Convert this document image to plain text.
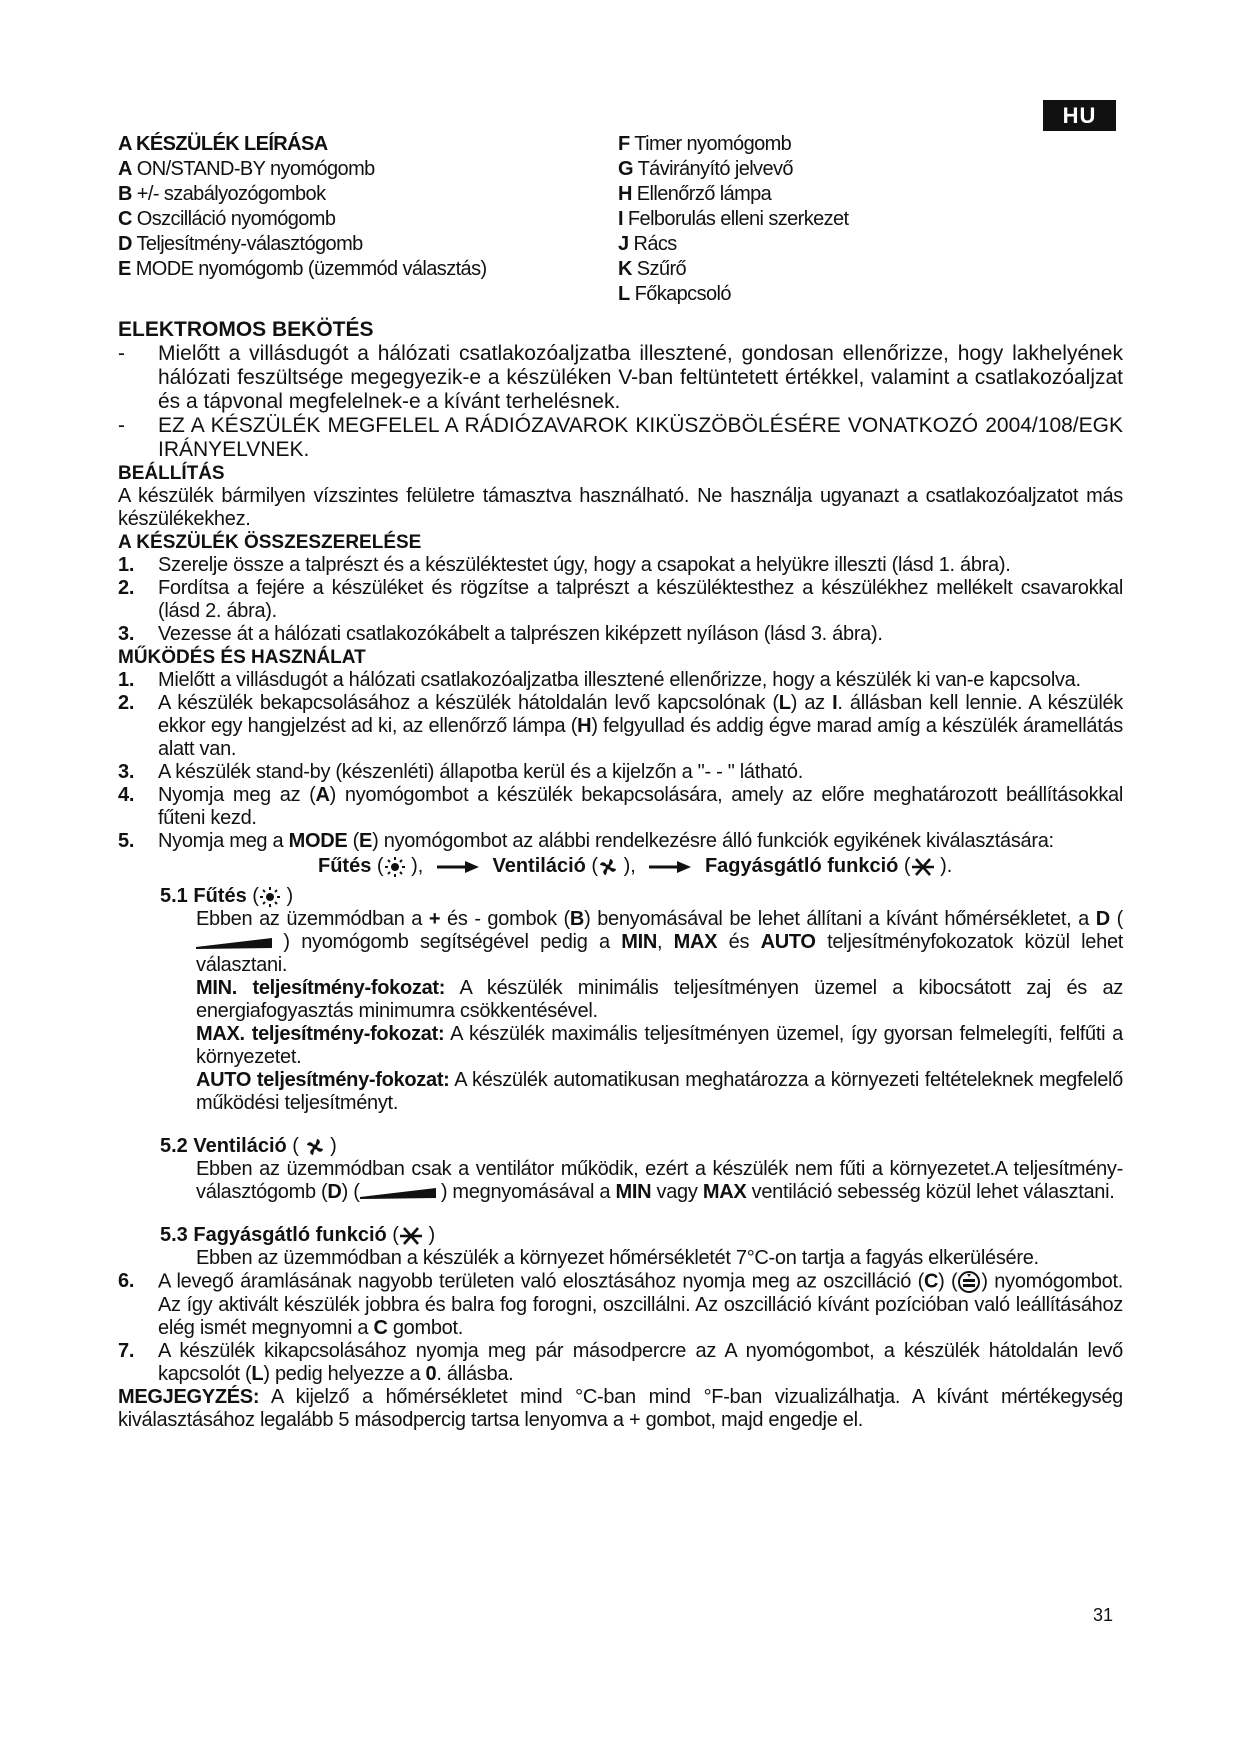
HU
A KÉSZÜLÉK LEÍRÁSA
A ON/STAND-BY nyomógomb
B +/- szabályozógombok
C Oszcilláció nyomógomb
D Teljesítmény-választógomb
E MODE nyomógomb (üzemmód választás)
F Timer nyomógomb
G Távirányító jelvevő
H Ellenőrző lámpa
I Felborulás elleni szerkezet
J Rács
K Szűrő
L Főkapcsoló
ELEKTROMOS BEKÖTÉS
- Mielőtt a villásdugót a hálózati csatlakozóaljzatba illesztené, gondosan ellenőrizze, hogy lakhelyének hálózati feszültsége megegyezik-e a készüléken V-ban feltüntetett értékkel, valamint a csatlakozóaljzat és a tápvonal megfelelnek-e a kívánt terhelésnek.
- EZ A KÉSZÜLÉK MEGFELEL A RÁDIÓZAVAROK KIKÜSZÖBÖLÉSÉRE VONATKOZÓ 2004/108/EGK IRÁNYELVNEK.
BEÁLLÍTÁS
A készülék bármilyen vízszintes felületre támasztva használható. Ne használja ugyanazt a csatlakozóaljzatot más készülékekhez.
A KÉSZÜLÉK ÖSSZESZERELÉSE
1. Szerelje össze a talprészt és a készüléktestet úgy, hogy a csapokat a helyükre illeszti (lásd 1. ábra).
2. Fordítsa a fejére a készüléket és rögzítse a talprészt a készüléktesthez a készülékhez mellékelt csavarokkal (lásd 2. ábra).
3. Vezesse át a hálózati csatlakozókábelt a talprészen kiképzett nyíláson (lásd 3. ábra).
MŰKÖDÉS ÉS HASZNÁLAT
1. Mielőtt a villásdugót a hálózati csatlakozóaljzatba illesztené ellenőrizze, hogy a készülék ki van-e kapcsolva.
2. A készülék bekapcsolásához a készülék hátoldalán levő kapcsolónak (L) az I. állásban kell lennie. A készülék ekkor egy hangjelzést ad ki, az ellenőrző lámpa (H) felgyullad és addig égve marad amíg a készülék áramellátás alatt van.
3. A készülék stand-by (készenléti) állapotba kerül és a kijelzőn a "- - " látható.
4. Nyomja meg az (A) nyomógombot a készülék bekapcsolására, amely az előre meghatározott beállításokkal fűteni kezd.
5. Nyomja meg a MODE (E) nyomógombot az alábbi rendelkezésre álló funkciók egyikének kiválasztására:
Fűtés ( ),	Ventiláció ( ),	Fagyásgátló funkció ( ).
5.1 Fűtés ( )
Ebben az üzemmódban a + és - gombok (B) benyomásával be lehet állítani a kívánt hőmérsékletet, a D ( ) nyomógomb segítségével pedig a MIN, MAX és AUTO teljesítményfokozatok közül lehet választani.
MIN. teljesítmény-fokozat: A készülék minimális teljesítményen üzemel a kibocsátott zaj és az energiafogyasztás minimumra csökkentésével.
MAX. teljesítmény-fokozat: A készülék maximális teljesítményen üzemel, így gyorsan felmelegíti, felfűti a környezetet.
AUTO teljesítmény-fokozat: A készülék automatikusan meghatározza a környezeti feltételeknek megfelelő működési teljesítményt.
5.2 Ventiláció (  )
Ebben az üzemmódban csak a ventilátor működik, ezért a készülék nem fűti a környezetet.A teljesítmény-választógomb (D) (	) megnyomásával a MIN vagy MAX ventiláció sebesség közül lehet választani.
5.3 Fagyásgátló funkció ( )
Ebben az üzemmódban a készülék a környezet hőmérsékletét 7°C-on tartja a fagyás elkerülésére.
6. A levegő áramlásának nagyobb területen való elosztásához nyomja meg az oszcilláció (C) ( ) nyomógombot. Az így aktivált készülék jobbra és balra fog forogni, oszcillálni. Az oszcilláció kívánt pozícióban való leállításához elég ismét megnyomni a C gombot.
7. A készülék kikapcsolásához nyomja meg pár másodpercre az A nyomógombot, a készülék hátoldalán levő kapcsolót (L) pedig helyezze a 0. állásba.
MEGJEGYZÉS: A kijelző a hőmérsékletet mind °C-ban mind °F-ban vizualizálhatja. A kívánt mértékegység kiválasztásához legalább 5 másodpercig tartsa lenyomva a + gombot, majd engedje el.
31
